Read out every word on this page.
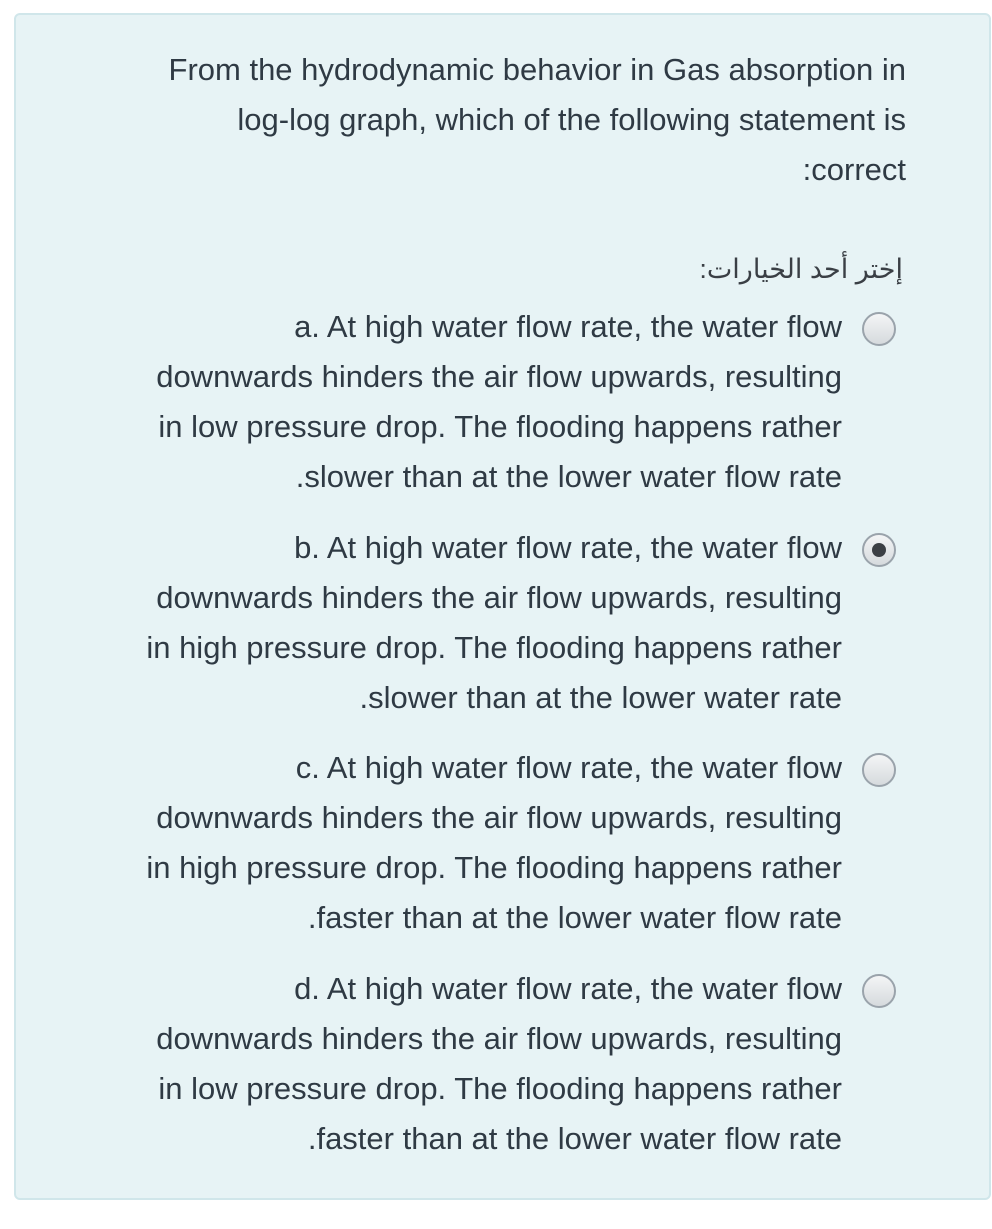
From the hydrodynamic behavior in Gas absorption in
log-log graph, which of the following statement is
:correct
إختر أحد الخيارات:
a. At high water flow rate, the water flow
downwards hinders the air flow upwards, resulting
in low pressure drop. The flooding happens rather
.slower than at the lower water flow rate
b. At high water flow rate, the water flow
downwards hinders the air flow upwards, resulting
in high pressure drop. The flooding happens rather
.slower than at the lower water rate
c. At high water flow rate, the water flow
downwards hinders the air flow upwards, resulting
in high pressure drop. The flooding happens rather
.faster than at the lower water flow rate
d. At high water flow rate, the water flow
downwards hinders the air flow upwards, resulting
in low pressure drop. The flooding happens rather
.faster than at the lower water flow rate
